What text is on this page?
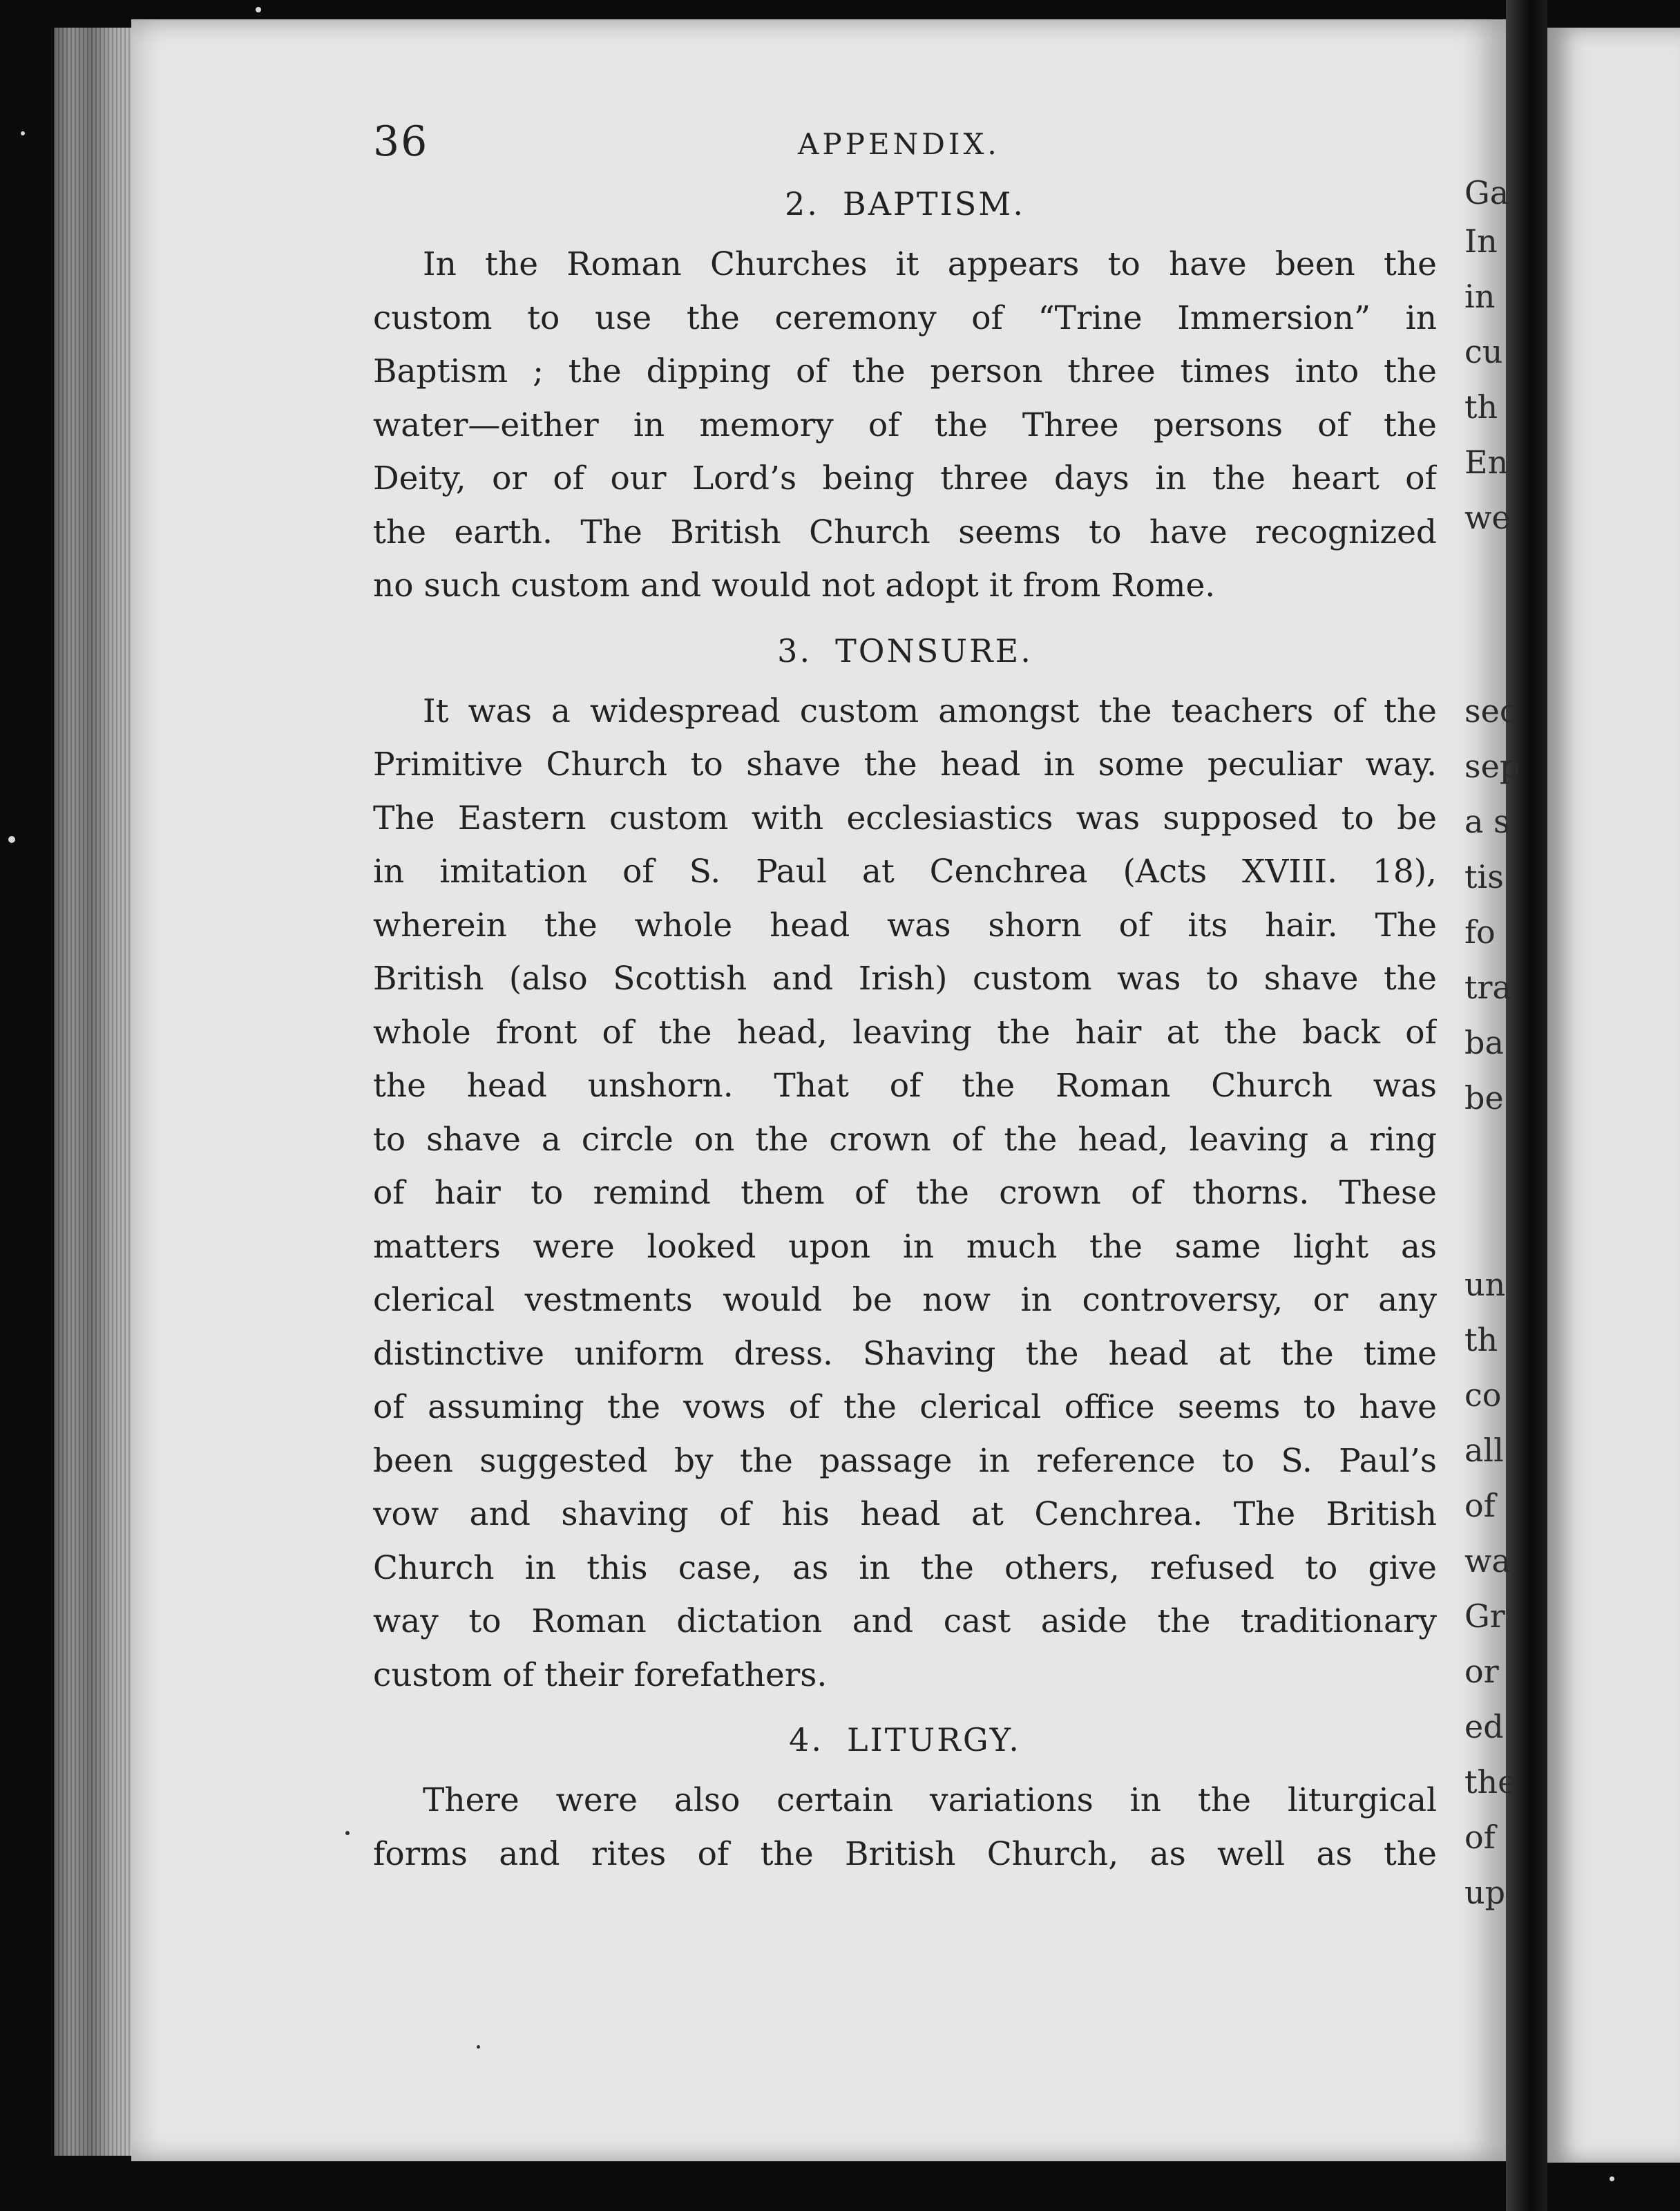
Ga
In
in
cu
th
En
we
sec
sep
a s
tis
fo
tra
ba
be
un
th
co
all
of
wa
Gr
or
ed
the
of
up
36	APPENDIX.
2. BAPTISM.
In the Roman Churches it appears to have been the
custom to use the ceremony of “Trine Immersion” in
Baptism ; the dipping of the person three times into the
water—either in memory of the Three persons of the
Deity, or of our Lord’s being three days in the heart of
the earth. The British Church seems to have recognized
no such custom and would not adopt it from Rome.
3. TONSURE.
It was a widespread custom amongst the teachers of the
Primitive Church to shave the head in some peculiar way.
The Eastern custom with ecclesiastics was supposed to be
in imitation of S. Paul at Cenchrea (Acts XVIII. 18),
wherein the whole head was shorn of its hair. The
British (also Scottish and Irish) custom was to shave the
whole front of the head, leaving the hair at the back of
the head unshorn. That of the Roman Church was
to shave a circle on the crown of the head, leaving a ring
of hair to remind them of the crown of thorns. These
matters were looked upon in much the same light as
clerical vestments would be now in controversy, or any
distinctive uniform dress. Shaving the head at the time
of assuming the vows of the clerical office seems to have
been suggested by the passage in reference to S. Paul’s
vow and shaving of his head at Cenchrea. The British
Church in this case, as in the others, refused to give
way to Roman dictation and cast aside the traditionary
custom of their forefathers.
4. LITURGY.
There were also certain variations in the liturgical
forms and rites of the British Church, as well as the
